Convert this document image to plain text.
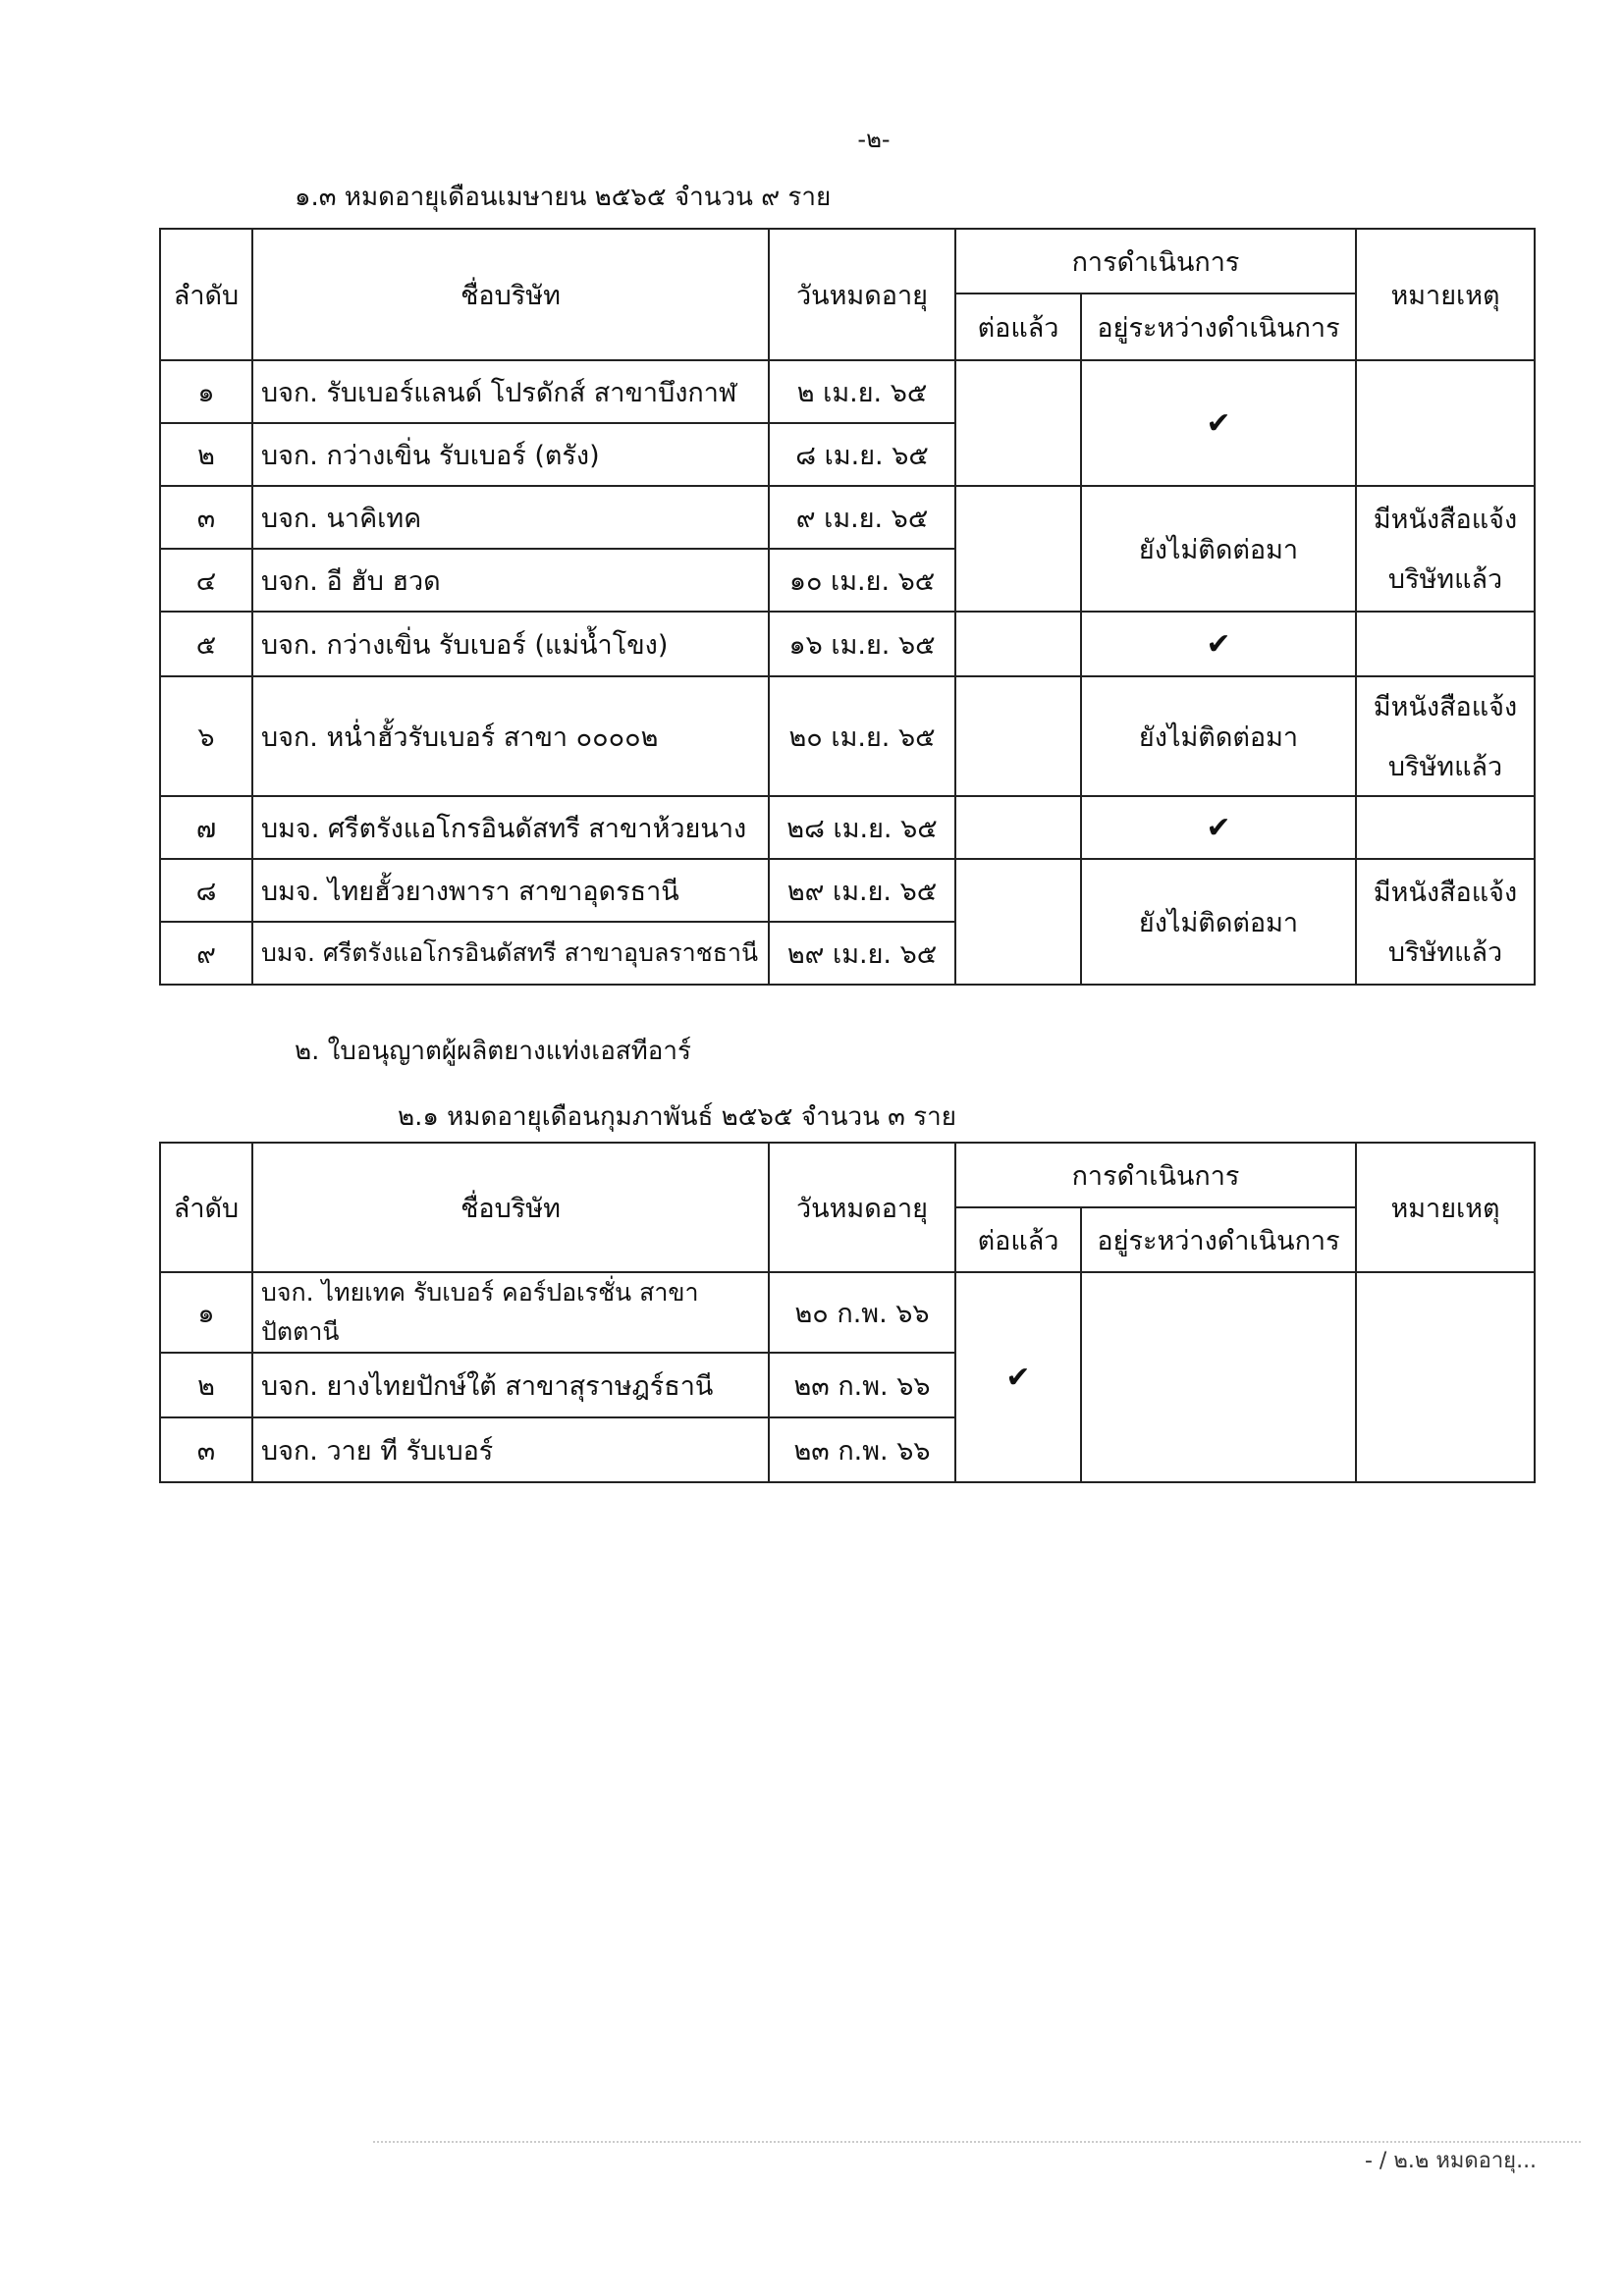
-๒-
๑.๓ หมดอายุเดือนเมษายน ๒๕๖๕ จำนวน ๙ ราย
ลำดับ	ชื่อบริษัท	วันหมดอายุ	การดำเนินการ		หมายเหตุ
			ต่อแล้ว	อยู่ระหว่างดำเนินการ	
๑	บจก. รับเบอร์แลนด์ โปรดักส์ สาขาบึงกาฬ	๒ เม.ย. ๖๕		✔	
๒	บจก. กว่างเขิ่น รับเบอร์ (ตรัง)	๘ เม.ย. ๖๕			
๓	บจก. นาคิเทค	๙ เม.ย. ๖๕		ยังไม่ติดต่อมา	มีหนังสือแจ้ง
บริษัทแล้ว

๔	บจก. อี ฮับ ฮวด	๑๐ เม.ย. ๖๕			
๕	บจก. กว่างเขิ่น รับเบอร์ (แม่น้ำโขง)	๑๖ เม.ย. ๖๕		✔	
๖	บจก. หน่ำฮั้วรับเบอร์ สาขา ๐๐๐๐๒	๒๐ เม.ย. ๖๕		ยังไม่ติดต่อมา	มีหนังสือแจ้ง
บริษัทแล้ว

๗	บมจ. ศรีตรังแอโกรอินดัสทรี สาขาห้วยนาง	๒๘ เม.ย. ๖๕		✔	
๘	บมจ. ไทยฮั้วยางพารา สาขาอุดรธานี	๒๙ เม.ย. ๖๕		ยังไม่ติดต่อมา	มีหนังสือแจ้ง
บริษัทแล้ว

๙	บมจ. ศรีตรังแอโกรอินดัสทรี สาขาอุบลราชธานี	๒๙ เม.ย. ๖๕			
๒. ใบอนุญาตผู้ผลิตยางแท่งเอสทีอาร์
๒.๑ หมดอายุเดือนกุมภาพันธ์ ๒๕๖๕ จำนวน ๓ ราย
ลำดับ	ชื่อบริษัท	วันหมดอายุ	การดำเนินการ		หมายเหตุ
			ต่อแล้ว	อยู่ระหว่างดำเนินการ	
๑	บจก. ไทยเทค รับเบอร์ คอร์ปอเรชั่น สาขาปัตตานี	๒๐ ก.พ. ๖๖	✔		
๒	บจก. ยางไทยปักษ์ใต้ สาขาสุราษฎร์ธานี	๒๓ ก.พ. ๖๖			
๓	บจก. วาย ที รับเบอร์	๒๓ ก.พ. ๖๖			
- / ๒.๒ หมดอายุ...
